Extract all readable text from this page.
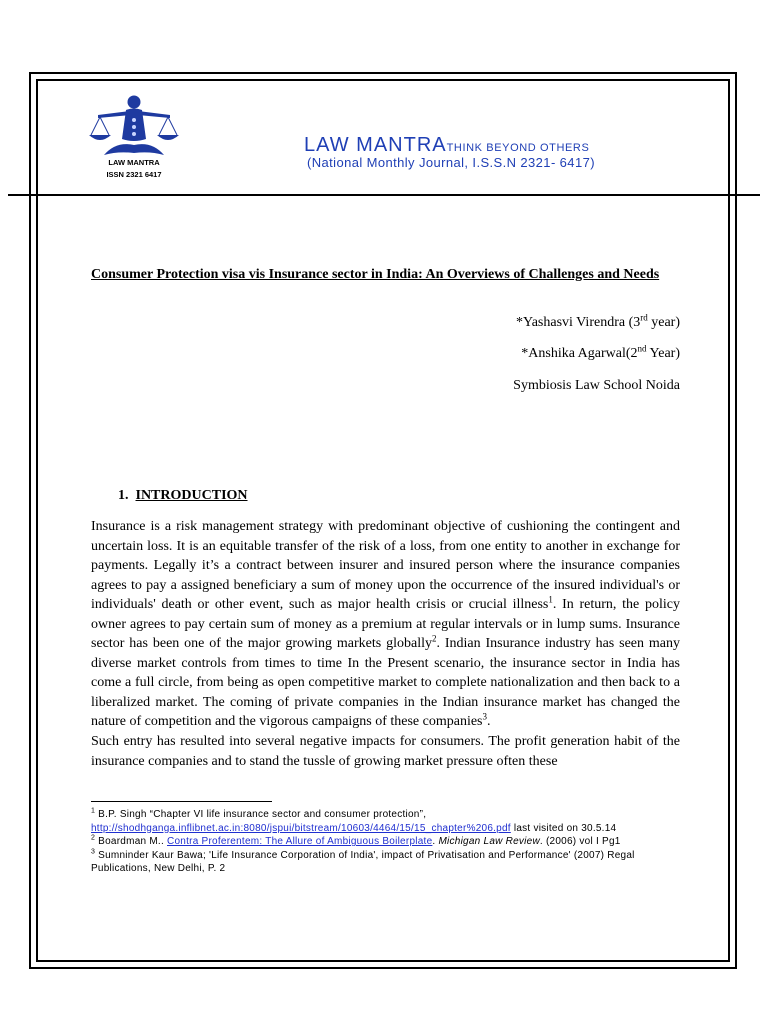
LAW MANTRA
ISSN 2321 6417
LAW MANTRATHINK BEYOND OTHERS
(National Monthly Journal, I.S.S.N 2321- 6417)
Consumer Protection visa vis Insurance sector in India: An Overviews of Challenges and Needs
*Yashasvi Virendra (3rd year)
*Anshika Agarwal(2nd Year)
Symbiosis Law School Noida
1. INTRODUCTION

Insurance is a risk management strategy with predominant objective of cushioning the contingent and uncertain loss. It is an equitable transfer of the risk of a loss, from one entity to another in exchange for payments. Legally it’s a contract between insurer and insured person where the insurance companies agrees to pay a assigned beneficiary a sum of money upon the occurrence of the insured individual's or individuals' death or other event, such as major health crisis or crucial illness$^1$. In return, the policy owner agrees to pay certain sum of money as a premium at regular intervals or in lump sums. Insurance sector has been one of the major growing markets globally$^2$. Indian Insurance industry has seen many diverse market controls from times to time In the Present scenario, the insurance sector in India has come a full circle, from being as open competitive market to complete nationalization and then back to a liberalized market. The coming of private companies in the Indian insurance market has changed the nature of competition and the vigorous campaigns of these companies$^3$.

Such entry has resulted into several negative impacts for consumers. The profit generation habit of the insurance companies and to stand the tussle of growing market pressure often these

$^1$ B.P. Singh “Chapter VI life insurance sector and consumer protection”,
http://shodhganga.inflibnet.ac.in:8080/jspui/bitstream/10603/4464/15/15_chapter%206.pdf last visited on 30.5.14

$^2$ Boardman M.. Contra Proferentem: The Allure of Ambiguous Boilerplate. Michigan Law Review. (2006) vol I Pg1

$^3$ Sumninder Kaur Bawa; 'Life Insurance Corporation of India', impact of Privatisation and Performance' (2007) Regal Publications, New Delhi, P. 2
